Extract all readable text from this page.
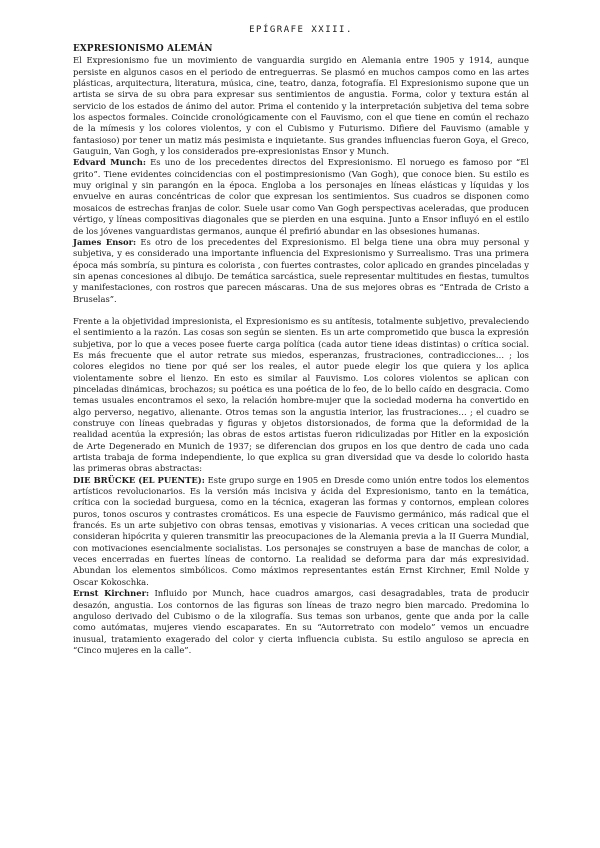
EPÍGRAFE XXIII.
EXPRESIONISMO ALEMÁN

El Expresionismo fue un movimiento de vanguardia surgido en Alemania entre 1905 y 1914, aunque persiste en algunos casos en el periodo de entreguerras. Se plasmó en muchos campos como en las artes plásticas, arquitectura, literatura, música, cine, teatro, danza, fotografía. El Expresionismo supone que un artista se sirva de su obra para expresar sus sentimientos de angustia. Forma, color y textura están al servicio de los estados de ánimo del autor. Prima el contenido y la interpretación subjetiva del tema sobre los aspectos formales. Coincide cronológicamente con el Fauvismo, con el que tiene en común el rechazo de la mímesis y los colores violentos, y con el Cubismo y Futurismo. Difiere del Fauvismo (amable y fantasioso) por tener un matiz más pesimista e inquietante. Sus grandes influencias fueron Goya, el Greco, Gauguin, Van Gogh, y los considerados pre-expresionistas Ensor y Munch.

Edvard Munch: Es uno de los precedentes directos del Expresionismo. El noruego es famoso por “El grito”. Tiene evidentes coincidencias con el postimpresionismo (Van Gogh), que conoce bien. Su estilo es muy original y sin parangón en la época. Engloba a los personajes en líneas elásticas y líquidas y los envuelve en auras concéntricas de color que expresan los sentimientos. Sus cuadros se disponen como mosaicos de estrechas franjas de color. Suele usar como Van Gogh perspectivas aceleradas, que producen vértigo, y líneas compositivas diagonales que se pierden en una esquina. Junto a Ensor influyó en el estilo de los jóvenes vanguardistas germanos, aunque él prefirió abundar en las obsesiones humanas.

James Ensor: Es otro de los precedentes del Expresionismo. El belga tiene una obra muy personal y subjetiva, y es considerado una importante influencia del Expresionismo y Surrealismo. Tras una primera época más sombría, su pintura es colorista , con fuertes contrastes, color aplicado en grandes pinceladas y sin apenas concesiones al dibujo. De temática sarcástica, suele representar multitudes en fiestas, tumultos y manifestaciones, con rostros que parecen máscaras. Una de sus mejores obras es “Entrada de Cristo a Bruselas”.

Frente a la objetividad impresionista, el Expresionismo es su antítesis, totalmente subjetivo, prevaleciendo el sentimiento a la razón. Las cosas son según se sienten. Es un arte comprometido que busca la expresión subjetiva, por lo que a veces posee fuerte carga política (cada autor tiene ideas distintas) o crítica social. Es más frecuente que el autor retrate sus miedos, esperanzas, frustraciones, contradicciones… ; los colores elegidos no tiene por qué ser los reales, el autor puede elegir los que quiera y los aplica violentamente sobre el lienzo. En esto es similar al Fauvismo. Los colores violentos se aplican con pinceladas dinámicas, brochazos; su poética es una poética de lo feo, de lo bello caído en desgracia. Como temas usuales encontramos el sexo, la relación hombre-mujer que la sociedad moderna ha convertido en algo perverso, negativo, alienante. Otros temas son la angustia interior, las frustraciones… ; el cuadro se construye con líneas quebradas y figuras y objetos distorsionados, de forma que la deformidad de la realidad acentúa la expresión; las obras de estos artistas fueron ridiculizadas por Hitler en la exposición de Arte Degenerado en Munich de 1937; se diferencian dos grupos en los que dentro de cada uno cada artista trabaja de forma independiente, lo que explica su gran diversidad que va desde lo colorido hasta las primeras obras abstractas:

DIE BRÜCKE (EL PUENTE): Este grupo surge en 1905 en Dresde como unión entre todos los elementos artísticos revolucionarios. Es la versión más incisiva y ácida del Expresionismo, tanto en la temática, crítica con la sociedad burguesa, como en la técnica, exageran las formas y contornos, emplean colores puros, tonos oscuros y contrastes cromáticos. Es una especie de Fauvismo germánico, más radical que el francés. Es un arte subjetivo con obras tensas, emotivas y visionarias. A veces critican una sociedad que consideran hipócrita y quieren transmitir las preocupaciones de la Alemania previa a la II Guerra Mundial, con motivaciones esencialmente socialistas. Los personajes se construyen a base de manchas de color, a veces encerradas en fuertes líneas de contorno. La realidad se deforma para dar más expresividad. Abundan los elementos simbólicos. Como máximos representantes están Ernst Kirchner, Emil Nolde y Oscar Kokoschka.

Ernst Kirchner: Influido por Munch, hace cuadros amargos, casi desagradables, trata de producir desazón, angustia. Los contornos de las figuras son líneas de trazo negro bien marcado. Predomina lo anguloso derivado del Cubismo o de la xilografía. Sus temas son urbanos, gente que anda por la calle como autómatas, mujeres viendo escaparates. En su “Autorretrato con modelo” vemos un encuadre inusual, tratamiento exagerado del color y cierta influencia cubista. Su estilo anguloso se aprecia en “Cinco mujeres en la calle”.
